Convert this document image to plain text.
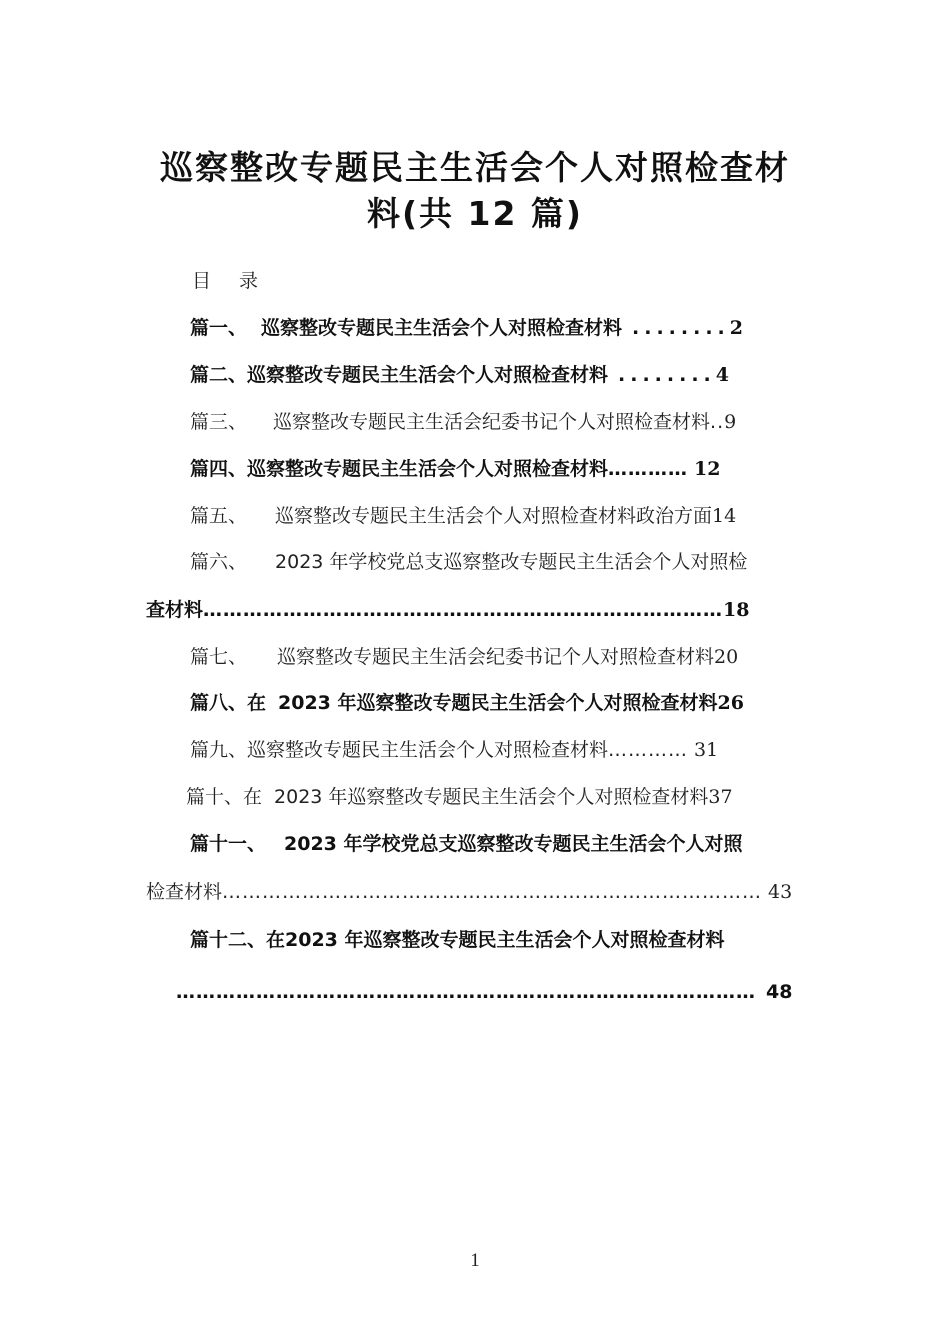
巡察整改专题民主生活会个人对照检查材
料(共 12 篇)
目录
篇一、 巡察整改专题民主生活会个人对照检查材料 ........2
篇二、巡察整改专题民主生活会个人对照检查材料 ........4
篇三、 巡察整改专题民主生活会纪委书记个人对照检查材料..9
篇四、巡察整改专题民主生活会个人对照检查材料………… 12
篇五、 巡察整改专题民主生活会个人对照检查材料政治方面14
篇六、 2023 年学校党总支巡察整改专题民主生活会个人对照检
查材料……………………………………………………………………18
篇七、 巡察整改专题民主生活会纪委书记个人对照检查材料20
篇八、在 2023 年巡察整改专题民主生活会个人对照检查材料26
篇九、巡察整改专题民主生活会个人对照检查材料………… 31
篇十、在 2023 年巡察整改专题民主生活会个人对照检查材料37
篇十一、 2023 年学校党总支巡察整改专题民主生活会个人对照
检查材料……………………………………………………………………… 43
篇十二、在2023 年巡察整改专题民主生活会个人对照检查材料
…………………………………………………………………………… 48
1
